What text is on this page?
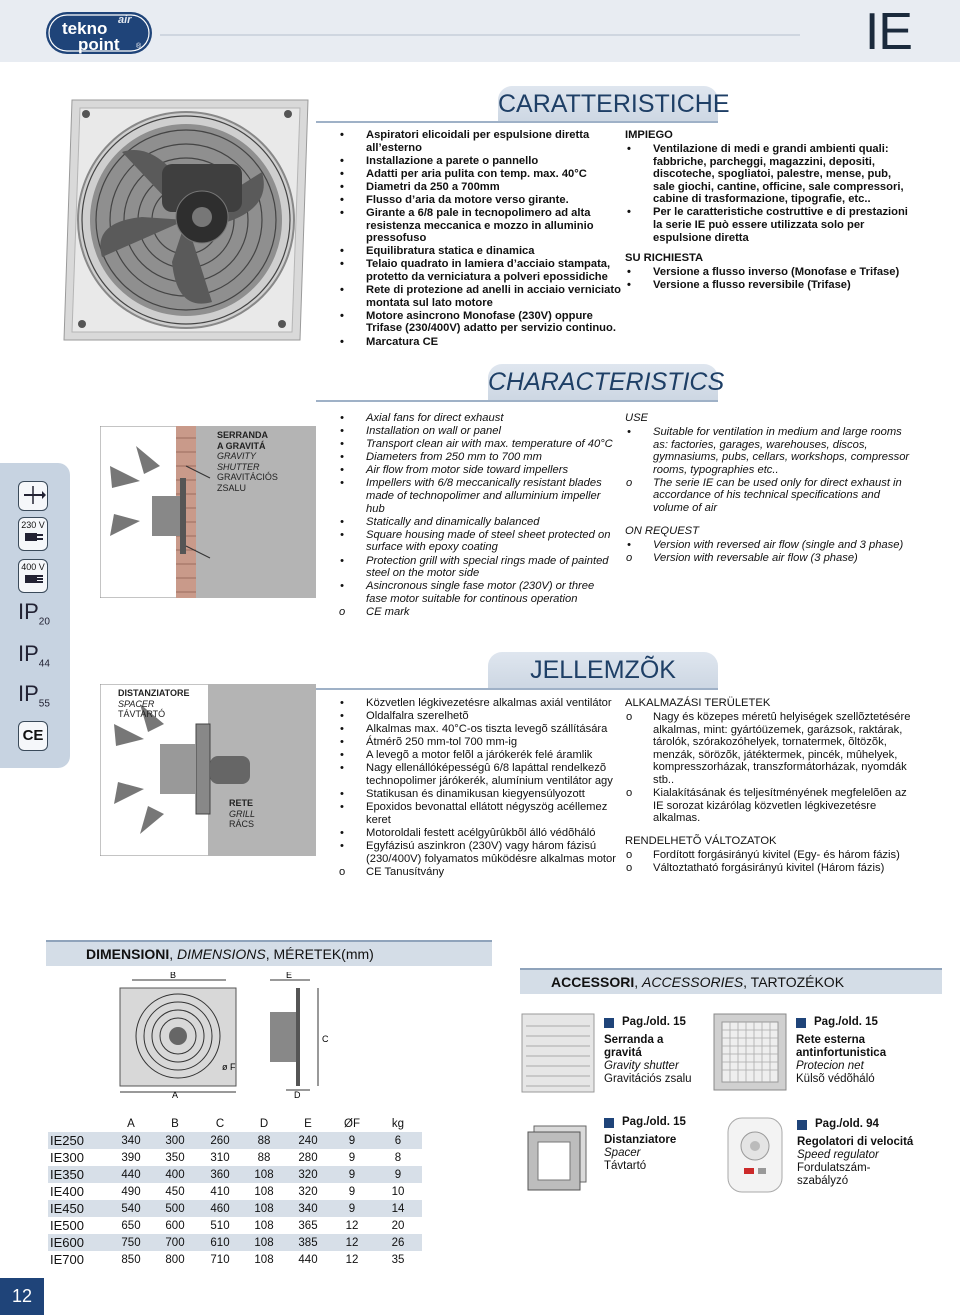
tekno air
point ®	IE
CARATTERISTICHE
• Aspiratori elicoidali per espulsione diretta all’esterno
• Installazione a parete o pannello
• Adatti per aria pulita con temp. max. 40°C
• Diametri da 250 a 700mm
• Flusso d’aria da motore verso girante.
• Girante a 6/8 pale in tecnopolimero ad alta resistenza meccanica e mozzo in alluminio pressofuso
• Equilibratura statica e dinamica
• Telaio quadrato in lamiera d’acciaio stampata, protetto da verniciatura a polveri epossidiche
• Rete di protezione ad anelli in acciaio verniciato montata sul lato motore
• Motore asincrono Monofase (230V) oppure Trifase (230/400V) adatto per servizio continuo.
• Marcatura CE
IMPIEGO
• Ventilazione di medi e grandi ambienti quali: fabbriche, parcheggi, magazzini, depositi, discoteche, spogliatoi, palestre, mense, pub, sale giochi, cantine, officine, sale compressori, cabine di trasformazione, tipografie, etc..
• Per le caratteristiche costruttive e di prestazioni la serie IE può essere utilizzata solo per espulsione diretta
SU RICHIESTA
• Versione a flusso inverso (Monofase e Trifase)
• Versione a flusso reversibile (Trifase)
CHARACTERISTICS
• Axial fans for direct exhaust
• Installation on wall or panel
• Transport clean air with max. temperature of 40°C
• Diameters from 250 mm to 700 mm
• Air flow from motor side toward impellers
• Impellers with 6/8 meccanically resistant blades made of technopolimer and alluminium impeller hub
• Statically and dinamically balanced
• Square housing made of steel sheet protected on surface with epoxy coating
• Protection grill with special rings made of painted steel on the motor side
• Asincronous single fase motor (230V) or three fase motor suitable for continous operation
o CE mark
USE
• Suitable for ventilation in medium and large rooms as: factories, garages, warehouses, discos, gymnasiums, pubs, cellars, workshops, compressor rooms, typographies etc..
o The serie IE can be used only for direct exhaust in accordance of his technical specifications and volume of air
ON REQUEST
• Version with reversed air flow (single and 3 phase)
o Version with reversable air flow (3 phase)
JELLEMZÕK
• Közvetlen légkivezetésre alkalmas axiál ventilátor
• Oldalfalra szerelhetõ
• Alkalmas max. 40°C-os tiszta levegõ szállítására
• Átmérõ 250 mm-tol 700 mm-ig
• A levegõ a motor felõl a járókerék felé áramlik
• Nagy ellenállóképességû 6/8 lapáttal rendelkezõ technopolimer járókerék, alumínium ventilátor agy
• Statikusan és dinamikusan kiegyensúlyozott
• Epoxidos bevonattal ellátott négyszög acéllemez keret
• Motoroldali festett acélgyûrûkbõl álló védõháló
• Egyfázisú aszinkron (230V) vagy három fázisú (230/400V) folyamatos mûködésre alkalmas motor
o CE Tanusítvány
ALKALMAZÁSI TERÜLETEK
o Nagy és közepes méretû helyiségek szellõztetésére alkalmas, mint: gyártóüzemek, garázsok, raktárak, tárolók, szórakozóhelyek, tornatermek, õltözõk, menzák, sörözõk, játéktermek, pincék, mûhelyek, kompresszorházak, transzformátorházak, nyomdák stb..
o Kialakításának és teljesítményének megfelelõen az IE sorozat kizárólag közvetlen légkivezetésre alkalmas.
RENDELHETÕ VÁLTOZATOK
o Fordított forgásirányú kivitel (Egy- és három fázis)
o Változtatható forgásirányú kivitel (Három fázis)
230 V
400 V
$IP_{20}$
$IP_{44}$
$IP_{55}$
CE
SERRANDA
A GRAVITÁ
GRAVITY
SHUTTER
GRAVITÁCIÓS
ZSALU
DISTANZIATORE
SPACER
TÁVTARTÓ
RETE
GRILL
RÁCS
DIMENSIONI, DIMENSIONS, MÉRETEK(mm)
B
A
E
C
D
ø F
	A	B	C	D	E	ØF	kg
IE250	340	300	260	88	240	9	6
IE300	390	350	310	88	280	9	8
IE350	440	400	360	108	320	9	9
IE400	490	450	410	108	320	9	10
IE450	540	500	460	108	340	9	14
IE500	650	600	510	108	365	12	20
IE600	750	700	610	108	385	12	26
IE700	850	800	710	108	440	12	35
ACCESSORI, ACCESSORIES, TARTOZÉKOK
Pag./old. 15
Serranda a gravitá
Gravity shutter
Gravitációs zsalu
Pag./old. 15
Rete esterna antinfortunistica
Protecion net
Külsõ védõháló
Pag./old. 15
Distanziatore
Spacer
Távtartó
Pag./old. 94
Regolatori di velocitá
Speed regulator
Fordulatszám-szabályzó
12
